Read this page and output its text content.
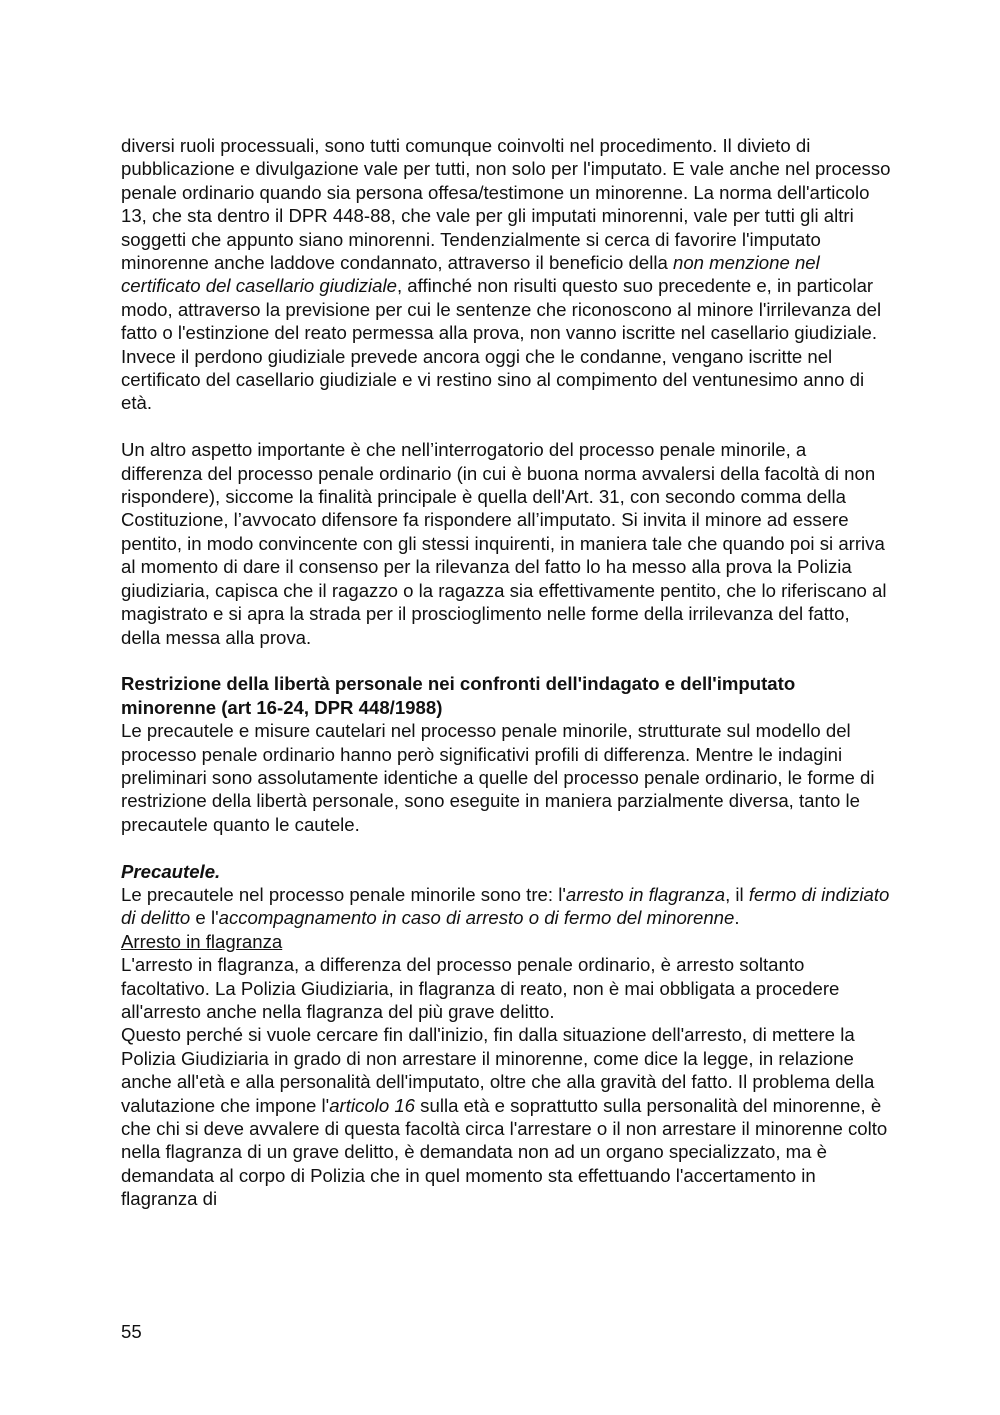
diversi ruoli processuali, sono tutti comunque coinvolti nel procedimento. Il divieto di pubblicazione e divulgazione vale per tutti, non solo per l'imputato. E vale anche nel processo penale ordinario quando sia persona offesa/testimone un minorenne. La norma dell'articolo 13, che sta dentro il DPR 448-88, che vale per gli imputati minorenni, vale per tutti gli altri soggetti che appunto siano minorenni. Tendenzialmente si cerca di favorire l'imputato minorenne anche laddove condannato, attraverso il beneficio della non menzione nel certificato del casellario giudiziale, affinché non risulti questo suo precedente e, in particolar modo, attraverso la previsione per cui le sentenze che riconoscono al minore l'irrilevanza del fatto o l'estinzione del reato permessa alla prova, non vanno iscritte nel casellario giudiziale. Invece il perdono giudiziale prevede ancora oggi che le condanne, vengano iscritte nel certificato del casellario giudiziale e vi restino sino al compimento del ventunesimo anno di età.

Un altro aspetto importante è che nell’interrogatorio del processo penale minorile, a differenza del processo penale ordinario (in cui è buona norma avvalersi della facoltà di non rispondere), siccome la finalità principale è quella dell'Art. 31, con secondo comma della Costituzione, l’avvocato difensore fa rispondere all’imputato. Si invita il minore ad essere pentito, in modo convincente con gli stessi inquirenti, in maniera tale che quando poi si arriva al momento di dare il consenso per la rilevanza del fatto lo ha messo alla prova la Polizia giudiziaria, capisca che il ragazzo o la ragazza sia effettivamente pentito, che lo riferiscano al magistrato e si apra la strada per il proscioglimento nelle forme della irrilevanza del fatto, della messa alla prova.

Restrizione della libertà personale nei confronti dell'indagato e dell'imputato minorenne (art 16-24, DPR 448/1988)

Le precautele e misure cautelari nel processo penale minorile, strutturate sul modello del processo penale ordinario hanno però significativi profili di differenza. Mentre le indagini preliminari sono assolutamente identiche a quelle del processo penale ordinario, le forme di restrizione della libertà personale, sono eseguite in maniera parzialmente diversa, tanto le precautele quanto le cautele.

Precautele.

Le precautele nel processo penale minorile sono tre: l'arresto in flagranza, il fermo di indiziato di delitto e l'accompagnamento in caso di arresto o di fermo del minorenne.

Arresto in flagranza

L'arresto in flagranza, a differenza del processo penale ordinario, è arresto soltanto facoltativo. La Polizia Giudiziaria, in flagranza di reato, non è mai obbligata a procedere all'arresto anche nella flagranza del più grave delitto.

Questo perché si vuole cercare fin dall'inizio, fin dalla situazione dell'arresto, di mettere la Polizia Giudiziaria in grado di non arrestare il minorenne, come dice la legge, in relazione anche all'età e alla personalità dell'imputato, oltre che alla gravità del fatto. Il problema della valutazione che impone l'articolo 16 sulla età e soprattutto sulla personalità del minorenne, è che chi si deve avvalere di questa facoltà circa l'arrestare o il non arrestare il minorenne colto nella flagranza di un grave delitto, è demandata non ad un organo specializzato, ma è demandata al corpo di Polizia che in quel momento sta effettuando l'accertamento in flagranza di

55
